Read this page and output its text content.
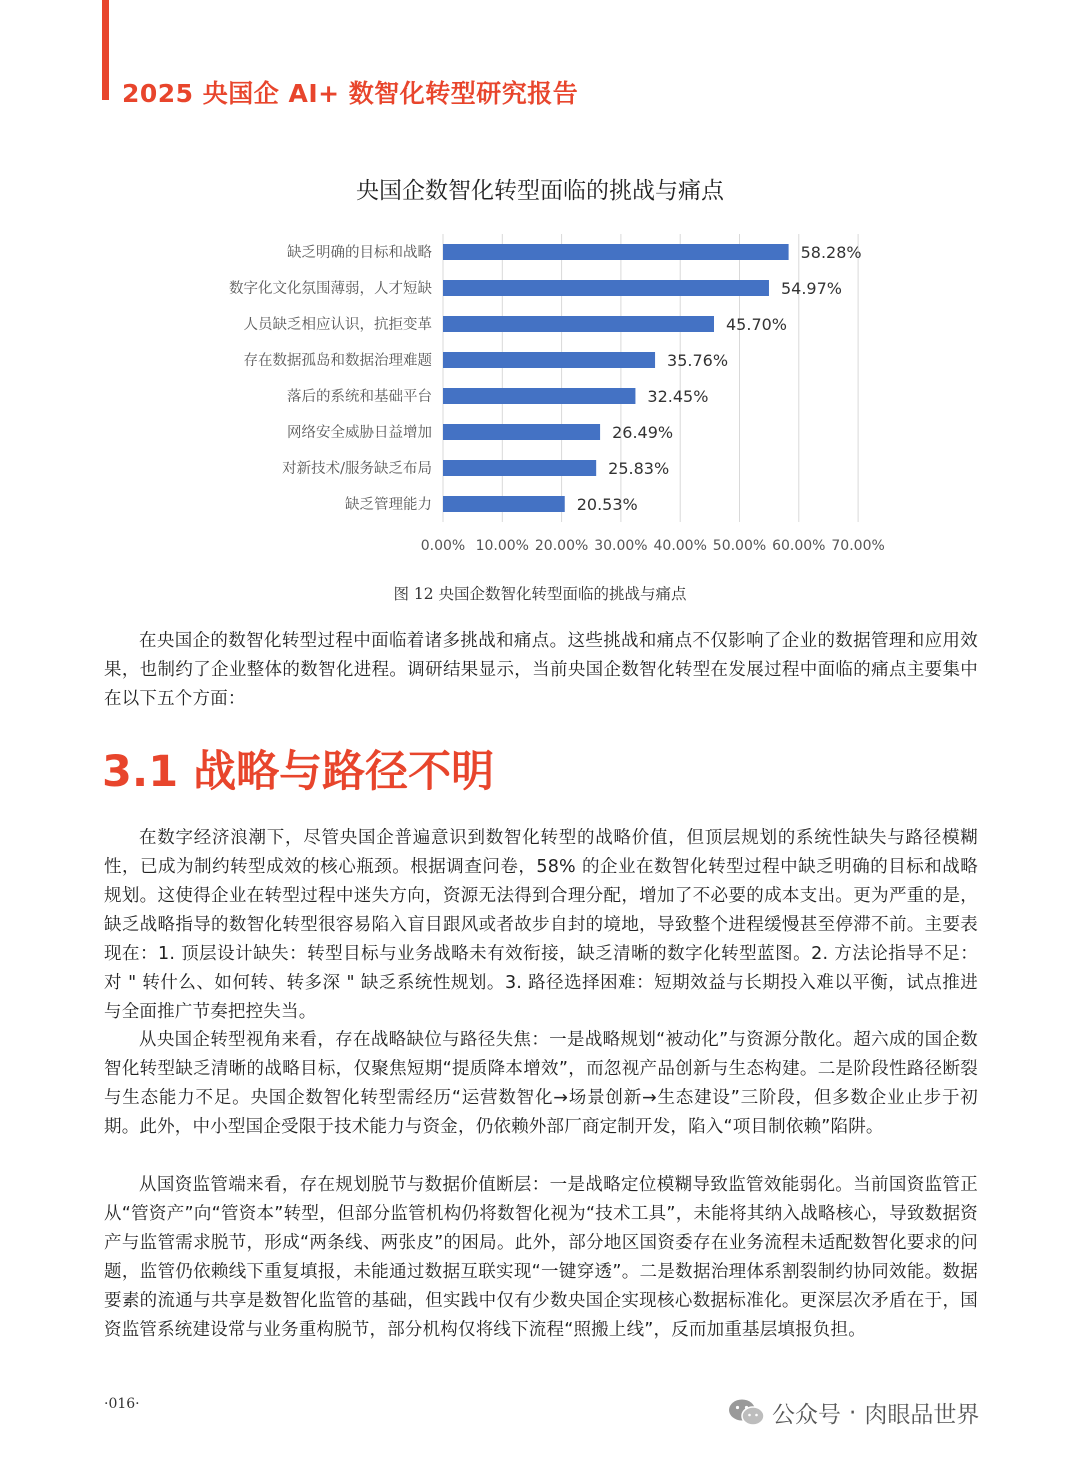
2025 央国企 AI+ 数智化转型研究报告
央国企数智化转型面临的挑战与痛点
缺乏明确的目标和战略	58.28%
数字化文化氛围薄弱，人才短缺	54.97%
人员缺乏相应认识，抗拒变革	45.70%
存在数据孤岛和数据治理难题	35.76%
落后的系统和基础平台	32.45%
网络安全威胁日益增加	26.49%
对新技术/服务缺乏布局	25.83%
缺乏管理能力	20.53%
0.00% 10.00% 20.00% 30.00% 40.00% 50.00% 60.00% 70.00%
图 12 央国企数智化转型面临的挑战与痛点

在央国企的数智化转型过程中面临着诸多挑战和痛点。这些挑战和痛点不仅影响了企业的数据管理和应用效果，也制约了企业整体的数智化进程。调研结果显示，当前央国企数智化转型在发展过程中面临的痛点主要集中在以下五个方面：

3.1 战略与路径不明

在数字经济浪潮下，尽管央国企普遍意识到数智化转型的战略价值，但顶层规划的系统性缺失与路径模糊性，已成为制约转型成效的核心瓶颈。根据调查问卷，58% 的企业在数智化转型过程中缺乏明确的目标和战略规划。这使得企业在转型过程中迷失方向，资源无法得到合理分配，增加了不必要的成本支出。更为严重的是，缺乏战略指导的数智化转型很容易陷入盲目跟风或者故步自封的境地，导致整个进程缓慢甚至停滞不前。主要表现在：1. 顶层设计缺失：转型目标与业务战略未有效衔接，缺乏清晰的数字化转型蓝图。2. 方法论指导不足：对 " 转什么、如何转、转多深 " 缺乏系统性规划。3. 路径选择困难：短期效益与长期投入难以平衡，试点推进与全面推广节奏把控失当。

从央国企转型视角来看，存在战略缺位与路径失焦：一是战略规划“被动化”与资源分散化。超六成的国企数智化转型缺乏清晰的战略目标，仅聚焦短期“提质降本增效”，而忽视产品创新与生态构建。二是阶段性路径断裂与生态能力不足。央国企数智化转型需经历“运营数智化→场景创新→生态建设”三阶段，但多数企业止步于初期。此外，中小型国企受限于技术能力与资金，仍依赖外部厂商定制开发，陷入“项目制依赖”陷阱。

从国资监管端来看，存在规划脱节与数据价值断层：一是战略定位模糊导致监管效能弱化。当前国资监管正从“管资产”向“管资本”转型，但部分监管机构仍将数智化视为“技术工具”，未能将其纳入战略核心，导致数据资产与监管需求脱节，形成“两条线、两张皮”的困局。此外，部分地区国资委存在业务流程未适配数智化要求的问题，监管仍依赖线下重复填报，未能通过数据互联实现“一键穿透”。二是数据治理体系割裂制约协同效能。数据要素的流通与共享是数智化监管的基础，但实践中仅有少数央国企实现核心数据标准化。更深层次矛盾在于，国资监管系统建设常与业务重构脱节，部分机构仅将线下流程“照搬上线”，反而加重基层填报负担。

·016·	公众号 · 肉眼品世界
